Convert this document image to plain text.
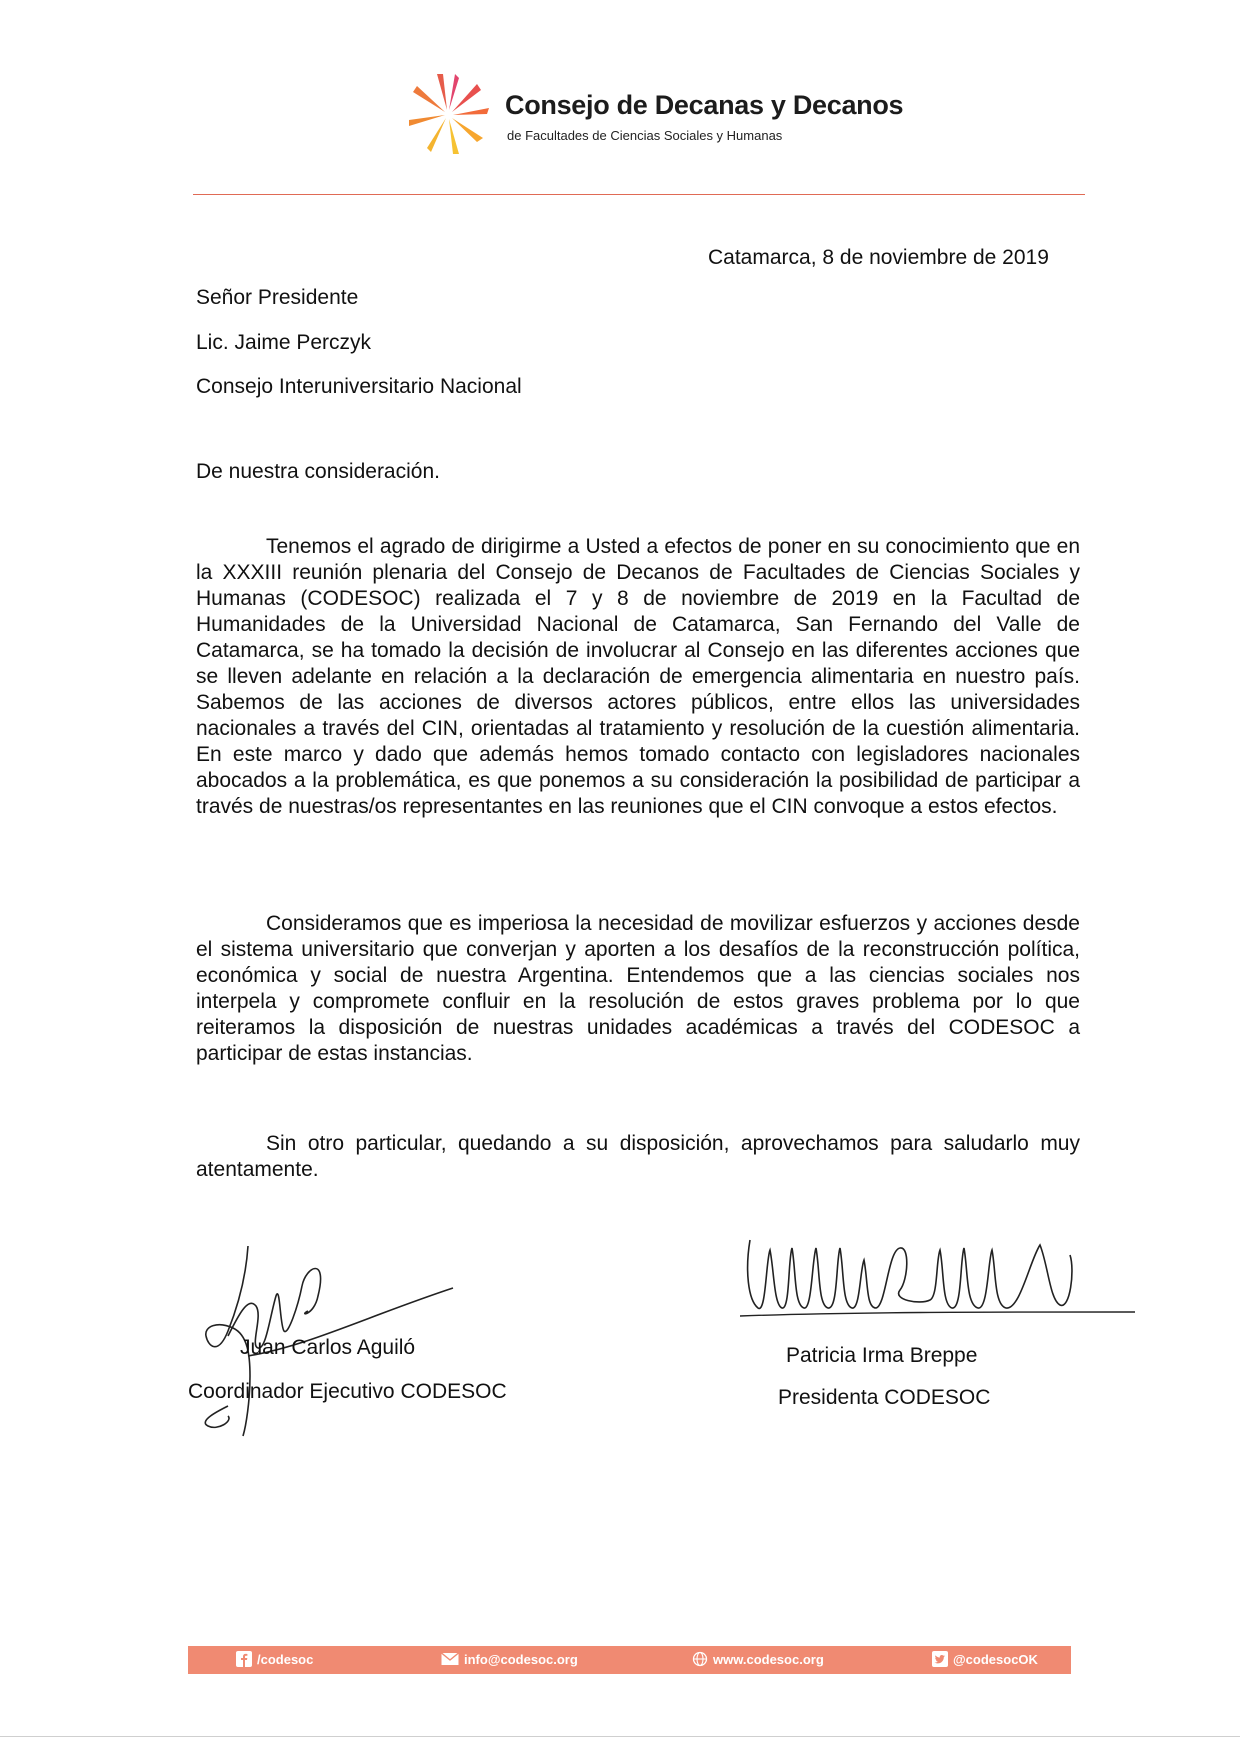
Consejo de Decanas y Decanos
de Facultades de Ciencias Sociales y Humanas
Catamarca, 8 de noviembre de 2019
Señor Presidente
Lic. Jaime Perczyk
Consejo Interuniversitario Nacional
De nuestra consideración.

Tenemos el agrado de dirigirme a Usted a efectos de poner en su conocimiento que en la XXXIII reunión plenaria del Consejo de Decanos de Facultades de Ciencias Sociales y Humanas (CODESOC) realizada el 7 y 8 de noviembre de 2019 en la Facultad de Humanidades de la Universidad Nacional de Catamarca, San Fernando del Valle de Catamarca, se ha tomado la decisión de involucrar al Consejo en las diferentes acciones que se lleven adelante en relación a la declaración de emergencia alimentaria en nuestro país. Sabemos de las acciones de diversos actores públicos, entre ellos las universidades nacionales a través del CIN, orientadas al tratamiento y resolución de la cuestión alimentaria. En este marco y dado que además hemos tomado contacto con legisladores nacionales abocados a la problemática, es que ponemos a su consideración la posibilidad de participar a través de nuestras/os representantes en las reuniones que el CIN convoque a estos efectos.

Consideramos que es imperiosa la necesidad de movilizar esfuerzos y acciones desde el sistema universitario que converjan y aporten a los desafíos de la reconstrucción política, económica y social de nuestra Argentina. Entendemos que a las ciencias sociales nos interpela y compromete confluir en la resolución de estos graves problema por lo que reiteramos la disposición de nuestras unidades académicas a través del CODESOC a participar de estas instancias.

Sin otro particular, quedando a su disposición, aprovechamos para saludarlo muy atentamente.

Juan Carlos Aguiló
Coordinador Ejecutivo CODESOC
Patricia Irma Breppe
Presidenta CODESOC
/codesoc	info@codesoc.org	www.codesoc.org	@codesocOK
